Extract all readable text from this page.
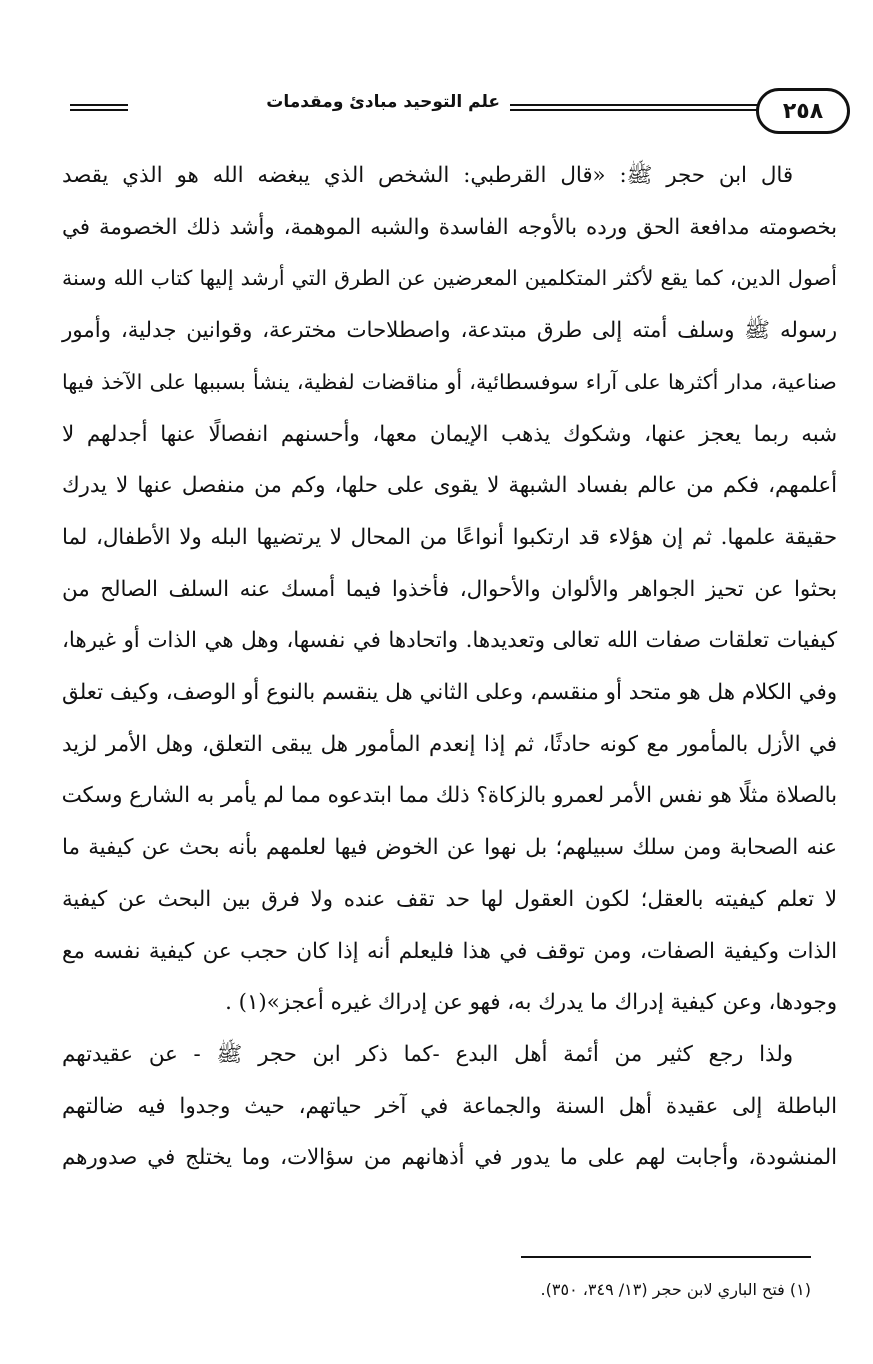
٢٥٨
علم التوحيد مبادئ ومقدمات
قال ابن حجر ﷺ: «قال القرطبي: الشخص الذي يبغضه الله هو الذي يقصد
بخصومته مدافعة الحق ورده بالأوجه الفاسدة والشبه الموهمة، وأشد ذلك الخصومة في
أصول الدين، كما يقع لأكثر المتكلمين المعرضين عن الطرق التي أرشد إليها كتاب الله وسنة
رسوله ﷺ وسلف أمته إلى طرق مبتدعة، واصطلاحات مخترعة، وقوانين جدلية، وأمور
صناعية، مدار أكثرها على آراء سوفسطائية، أو مناقضات لفظية، ينشأ بسببها على الآخذ فيها
شبه ربما يعجز عنها، وشكوك يذهب الإيمان معها، وأحسنهم انفصالًا عنها أجدلهم لا
أعلمهم، فكم من عالم بفساد الشبهة لا يقوى على حلها، وكم من منفصل عنها لا يدرك
حقيقة علمها. ثم إن هؤلاء قد ارتكبوا أنواعًا من المحال لا يرتضيها البله ولا الأطفال، لما
بحثوا عن تحيز الجواهر والألوان والأحوال، فأخذوا فيما أمسك عنه السلف الصالح من
كيفيات تعلقات صفات الله تعالى وتعديدها. واتحادها في نفسها، وهل هي الذات أو غيرها،
وفي الكلام هل هو متحد أو منقسم، وعلى الثاني هل ينقسم بالنوع أو الوصف، وكيف تعلق
في الأزل بالمأمور مع كونه حادثًا، ثم إذا إنعدم المأمور هل يبقى التعلق، وهل الأمر لزيد
بالصلاة مثلًا هو نفس الأمر لعمرو بالزكاة؟ ذلك مما ابتدعوه مما لم يأمر به الشارع وسكت
عنه الصحابة ومن سلك سبيلهم؛ بل نهوا عن الخوض فيها لعلمهم بأنه بحث عن كيفية ما
لا تعلم كيفيته بالعقل؛ لكون العقول لها حد تقف عنده ولا فرق بين البحث عن كيفية
الذات وكيفية الصفات، ومن توقف في هذا فليعلم أنه إذا كان حجب عن كيفية نفسه مع
وجودها، وعن كيفية إدراك ما يدرك به، فهو عن إدراك غيره أعجز»(١) .
ولذا رجع كثير من أئمة أهل البدع -كما ذكر ابن حجر ﷺ - عن عقيدتهم
الباطلة إلى عقيدة أهل السنة والجماعة في آخر حياتهم، حيث وجدوا فيه ضالتهم
المنشودة، وأجابت لهم على ما يدور في أذهانهم من سؤالات، وما يختلج في صدورهم
(١) فتح الباري لابن حجر (١٣/ ٣٤٩، ٣٥٠).
